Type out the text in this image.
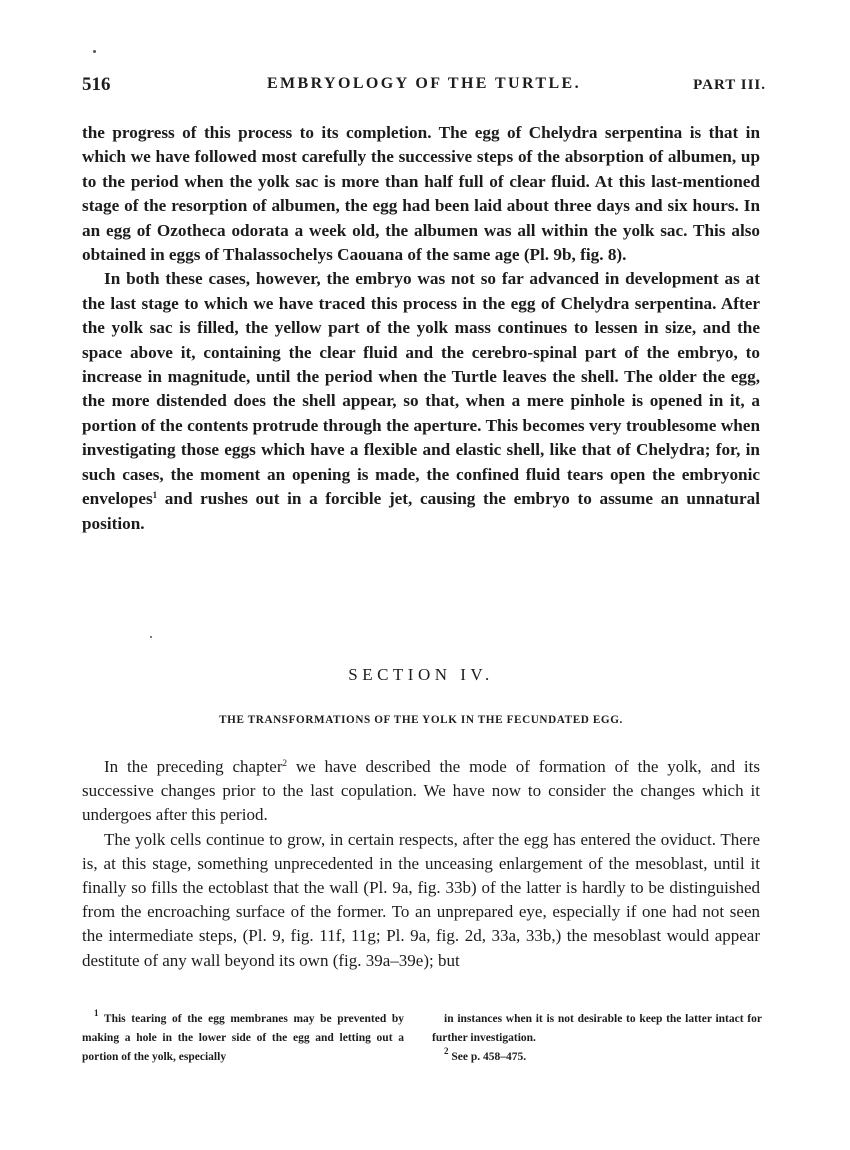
516	EMBRYOLOGY OF THE TURTLE.	PART III.

the progress of this process to its completion. The egg of Chelydra serpentina is that in which we have followed most carefully the successive steps of the absorption of albumen, up to the period when the yolk sac is more than half full of clear fluid. At this last-mentioned stage of the resorption of albumen, the egg had been laid about three days and six hours. In an egg of Ozotheca odorata a week old, the albumen was all within the yolk sac. This also obtained in eggs of Thalassochelys Caouana of the same age (Pl. 9b, fig. 8).

In both these cases, however, the embryo was not so far advanced in development as at the last stage to which we have traced this process in the egg of Chelydra serpentina. After the yolk sac is filled, the yellow part of the yolk mass continues to lessen in size, and the space above it, containing the clear fluid and the cerebro-spinal part of the embryo, to increase in magnitude, until the period when the Turtle leaves the shell. The older the egg, the more distended does the shell appear, so that, when a mere pinhole is opened in it, a portion of the contents protrude through the aperture. This becomes very troublesome when investigating those eggs which have a flexible and elastic shell, like that of Chelydra; for, in such cases, the moment an opening is made, the confined fluid tears open the embryonic envelopes$^1$ and rushes out in a forcible jet, causing the embryo to assume an unnatural position.

SECTION IV.
THE TRANSFORMATIONS OF THE YOLK IN THE FECUNDATED EGG.

In the preceding chapter$^2$ we have described the mode of formation of the yolk, and its successive changes prior to the last copulation. We have now to consider the changes which it undergoes after this period.

The yolk cells continue to grow, in certain respects, after the egg has entered the oviduct. There is, at this stage, something unprecedented in the unceasing enlargement of the mesoblast, until it finally so fills the ectoblast that the wall (Pl. 9a, fig. 33b) of the latter is hardly to be distinguished from the encroaching surface of the former. To an unprepared eye, especially if one had not seen the intermediate steps, (Pl. 9, fig. 11f, 11g; Pl. 9a, fig. 2d, 33a, 33b,) the mesoblast would appear destitute of any wall beyond its own (fig. 39a–39e); but

$^1$ This tearing of the egg membranes may be prevented by making a hole in the lower side of the egg and letting out a portion of the yolk, especially

in instances when it is not desirable to keep the latter intact for further investigation.

$^2$ See p. 458–475.
